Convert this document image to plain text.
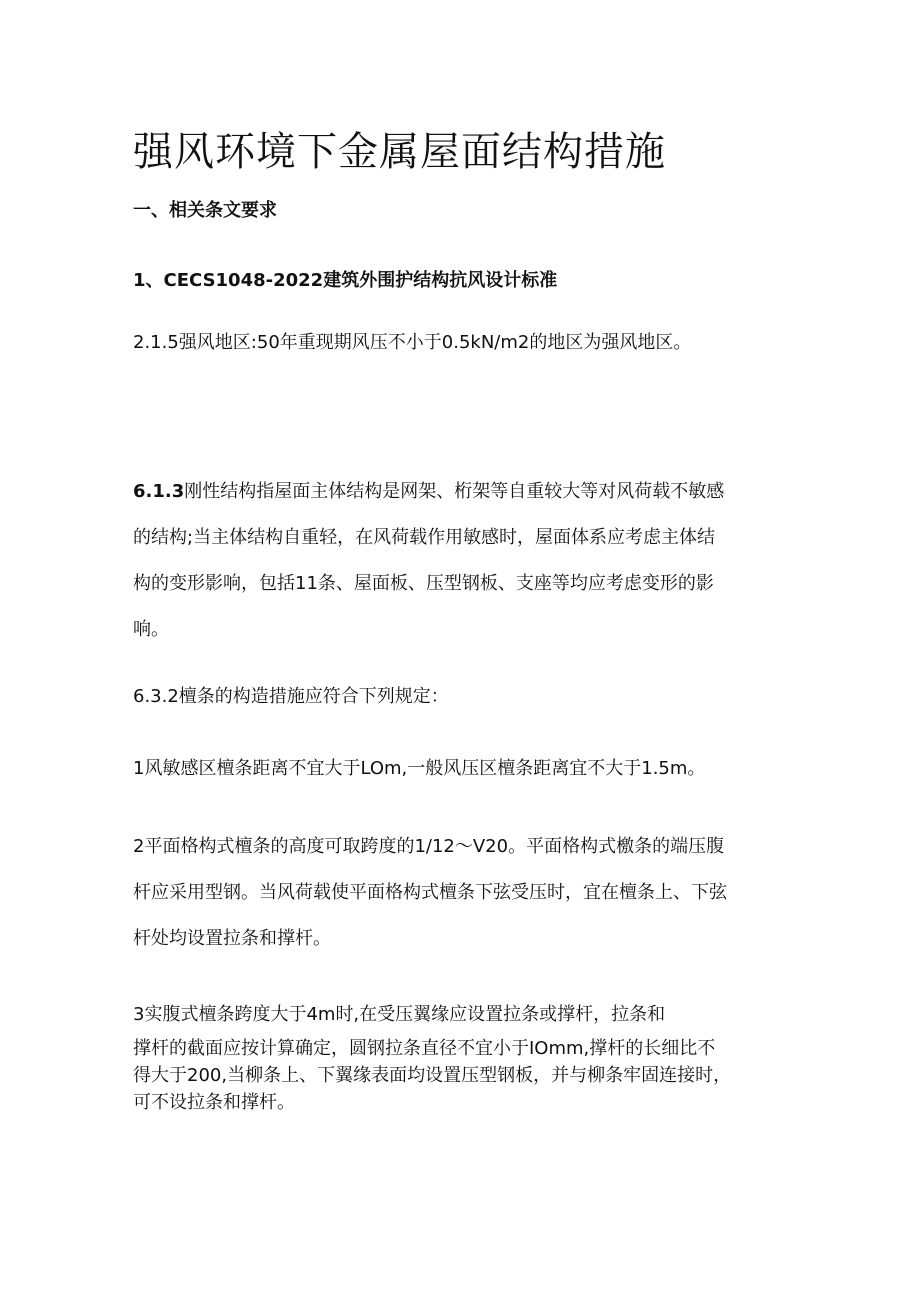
强风环境下金属屋面结构措施
一、相关条文要求
1、CECS1048-2022建筑外围护结构抗风设计标准

2.1.5强风地区:50年重现期风压不小于0.5kN∕m2的地区为强风地区。

6.1.3刚性结构指屋面主体结构是网架、桁架等自重较大等对风荷载不敏感
的结构;当主体结构自重轻，在风荷载作用敏感时，屋面体系应考虑主体结
构的变形影响，包括11条、屋面板、压型钢板、支座等均应考虑变形的影
响。

6.3.2檀条的构造措施应符合下列规定：

1风敏感区檀条距离不宜大于LOm,一般风压区檀条距离宜不大于1.5m。

2平面格构式檀条的高度可取跨度的1/12〜V20。平面格构式檄条的端压腹
杆应采用型钢。当风荷载使平面格构式檀条下弦受压时，宜在檀条上、下弦
杆处均设置拉条和撑杆。

3实腹式檀条跨度大于4m时,在受压翼缘应设置拉条或撑杆，拉条和

撑杆的截面应按计算确定，圆钢拉条直径不宜小于IOmm,撑杆的长细比不
得大于200,当柳条上、下翼缘表面均设置压型钢板，并与柳条牢固连接时，
可不设拉条和撑杆。
